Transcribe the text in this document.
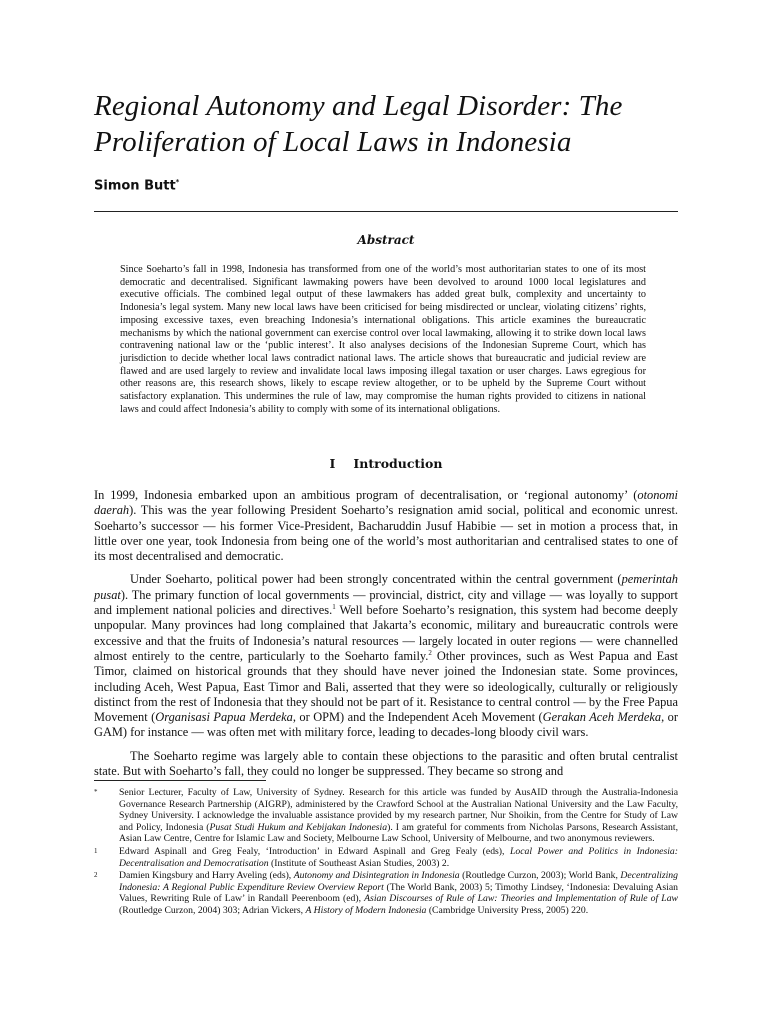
Regional Autonomy and Legal Disorder: The
Proliferation of Local Laws in Indonesia
Simon Butt*
Abstract
Since Soeharto’s fall in 1998, Indonesia has transformed from one of the world’s most authoritarian states to one of its most democratic and decentralised. Significant lawmaking powers have been devolved to around 1000 local legislatures and executive officials. The combined legal output of these lawmakers has added great bulk, complexity and uncertainty to Indonesia’s legal system. Many new local laws have been criticised for being misdirected or unclear, violating citizens’ rights, imposing excessive taxes, even breaching Indonesia’s international obligations. This article examines the bureaucratic mechanisms by which the national government can exercise control over local lawmaking, allowing it to strike down local laws contravening national law or the ‘public interest’. It also analyses decisions of the Indonesian Supreme Court, which has jurisdiction to decide whether local laws contradict national laws. The article shows that bureaucratic and judicial review are flawed and are used largely to review and invalidate local laws imposing illegal taxation or user charges. Laws egregious for other reasons are, this research shows, likely to escape review altogether, or to be upheld by the Supreme Court without satisfactory explanation. This undermines the rule of law, may compromise the human rights provided to citizens in national laws and could affect Indonesia’s ability to comply with some of its international obligations.
I Introduction

In 1999, Indonesia embarked upon an ambitious program of decentralisation, or ‘regional autonomy’ (otonomi daerah). This was the year following President Soeharto’s resignation amid social, political and economic unrest. Soeharto’s successor — his former Vice-President, Bacharuddin Jusuf Habibie — set in motion a process that, in little over one year, took Indonesia from being one of the world’s most authoritarian and centralised states to one of its most decentralised and democratic.

Under Soeharto, political power had been strongly concentrated within the central government (pemerintah pusat). The primary function of local governments — provincial, district, city and village — was loyally to support and implement national policies and directives.$^1$ Well before Soeharto’s resignation, this system had become deeply unpopular. Many provinces had long complained that Jakarta’s economic, military and bureaucratic controls were excessive and that the fruits of Indonesia’s natural resources — largely located in outer regions — were channelled almost entirely to the centre, particularly to the Soeharto family.$^2$ Other provinces, such as West Papua and East Timor, claimed on historical grounds that they should have never joined the Indonesian state. Some provinces, including Aceh, West Papua, East Timor and Bali, asserted that they were so ideologically, culturally or religiously distinct from the rest of Indonesia that they should not be part of it. Resistance to central control — by the Free Papua Movement (Organisasi Papua Merdeka, or OPM) and the Independent Aceh Movement (Gerakan Aceh Merdeka, or GAM) for instance — was often met with military force, leading to decades-long bloody civil wars.

The Soeharto regime was largely able to contain these objections to the parasitic and often brutal centralist state. But with Soeharto’s fall, they could no longer be suppressed. They became so strong and

*	Senior Lecturer, Faculty of Law, University of Sydney. Research for this article was funded by AusAID through the Australia-Indonesia Governance Research Partnership (AIGRP), administered by the Crawford School at the Australian National University and the Law Faculty, Sydney University. I acknowledge the invaluable assistance provided by my research partner, Nur Shoikin, from the Centre for Study of Law and Policy, Indonesia (Pusat Studi Hukum and Kebijakan Indonesia). I am grateful for comments from Nicholas Parsons, Research Assistant, Asian Law Centre, Centre for Islamic Law and Society, Melbourne Law School, University of Melbourne, and two anonymous reviewers.
1	Edward Aspinall and Greg Fealy, ‘Introduction’ in Edward Aspinall and Greg Fealy (eds), Local Power and Politics in Indonesia: Decentralisation and Democratisation (Institute of Southeast Asian Studies, 2003) 2.
2	Damien Kingsbury and Harry Aveling (eds), Autonomy and Disintegration in Indonesia (Routledge Curzon, 2003); World Bank, Decentralizing Indonesia: A Regional Public Expenditure Review Overview Report (The World Bank, 2003) 5; Timothy Lindsey, ‘Indonesia: Devaluing Asian Values, Rewriting Rule of Law’ in Randall Peerenboom (ed), Asian Discourses of Rule of Law: Theories and Implementation of Rule of Law (Routledge Curzon, 2004) 303; Adrian Vickers, A History of Modern Indonesia (Cambridge University Press, 2005) 220.
